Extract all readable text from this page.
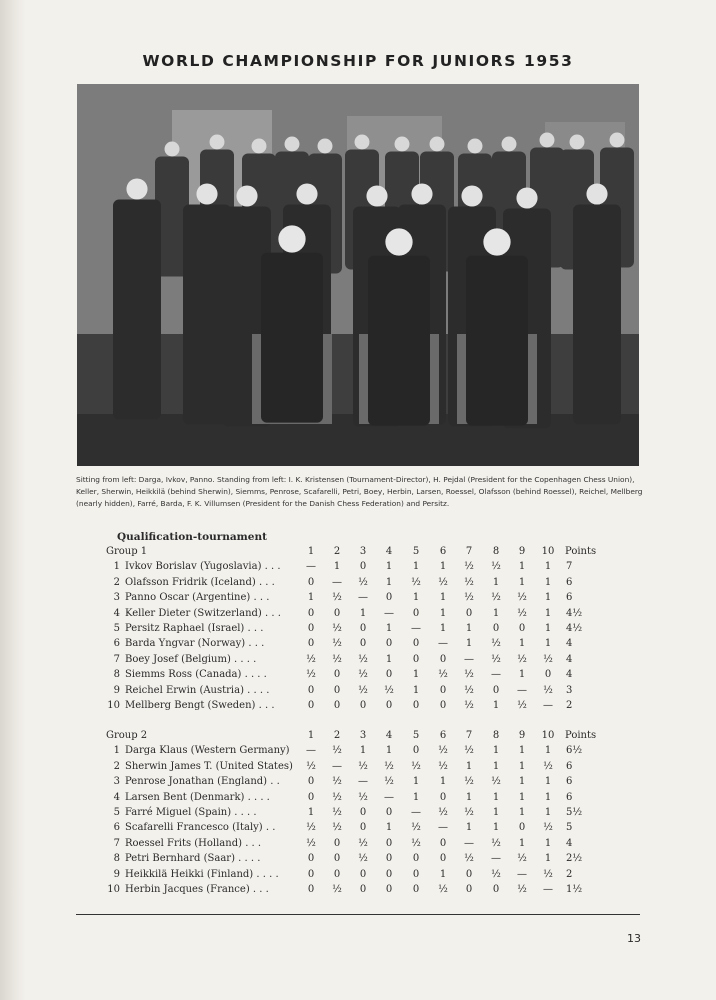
WORLD CHAMPIONSHIP FOR JUNIORS 1953
Sitting from left: Darga, Ivkov, Panno. Standing from left: I. K. Kristensen (Tournament-Director), H. Pejdal (President for the Copenhagen Chess Union), Keller, Sherwin, Heikkilä (behind Sherwin), Siemms, Penrose, Scafarelli, Petri, Boey, Herbin, Larsen, Roessel, Olafsson (behind Roessel), Reichel, Mellberg (nearly hidden), Farré, Barda, F. K. Villumsen (President for the Danish Chess Federation) and Persitz.
Qualification-tournament
Group 1	1	2	3	4	5	6	7	8	9	10	Points
1 Ivkov Borislav (Yugoslavia) . . .	—	1	0	1	1	1	½	½	1	1	7
2 Olafsson Fridrik (Iceland) . . .	0	—	½	1	½	½	½	1	1	1	6
3 Panno Oscar (Argentine) . . .	1	½	—	0	1	1	½	½	½	1	6
4 Keller Dieter (Switzerland) . . .	0	0	1	—	0	1	0	1	½	1	4½
5 Persitz Raphael (Israel) . . .	0	½	0	1	—	1	1	0	0	1	4½
6 Barda Yngvar (Norway) . . .	0	½	0	0	0	—	1	½	1	1	4
7 Boey Josef (Belgium) . . . .	½	½	½	1	0	0	—	½	½	½	4
8 Siemms Ross (Canada) . . . .	½	0	½	0	1	½	½	—	1	0	4
9 Reichel Erwin (Austria) . . . .	0	0	½	½	1	0	½	0	—	½	3
10 Mellberg Bengt (Sweden) . . .	0	0	0	0	0	0	½	1	½	—	2
Group 2	1	2	3	4	5	6	7	8	9	10	Points
1 Darga Klaus (Western Germany)	—	½	1	1	0	½	½	1	1	1	6½
2 Sherwin James T. (United States)	½	—	½	½	½	½	1	1	1	½	6
3 Penrose Jonathan (England) . .	0	½	—	½	1	1	½	½	1	1	6
4 Larsen Bent (Denmark) . . . .	0	½	½	—	1	0	1	1	1	1	6
5 Farré Miguel (Spain) . . . .	1	½	0	0	—	½	½	1	1	1	5½
6 Scafarelli Francesco (Italy) . .	½	½	0	1	½	—	1	1	0	½	5
7 Roessel Frits (Holland) . . .	½	0	½	0	½	0	—	½	1	1	4
8 Petri Bernhard (Saar) . . . .	0	0	½	0	0	0	½	—	½	1	2½
9 Heikkilä Heikki (Finland) . . . .	0	0	0	0	0	1	0	½	—	½	2
10 Herbin Jacques (France) . . .	0	½	0	0	0	½	0	0	½	—	1½
13
